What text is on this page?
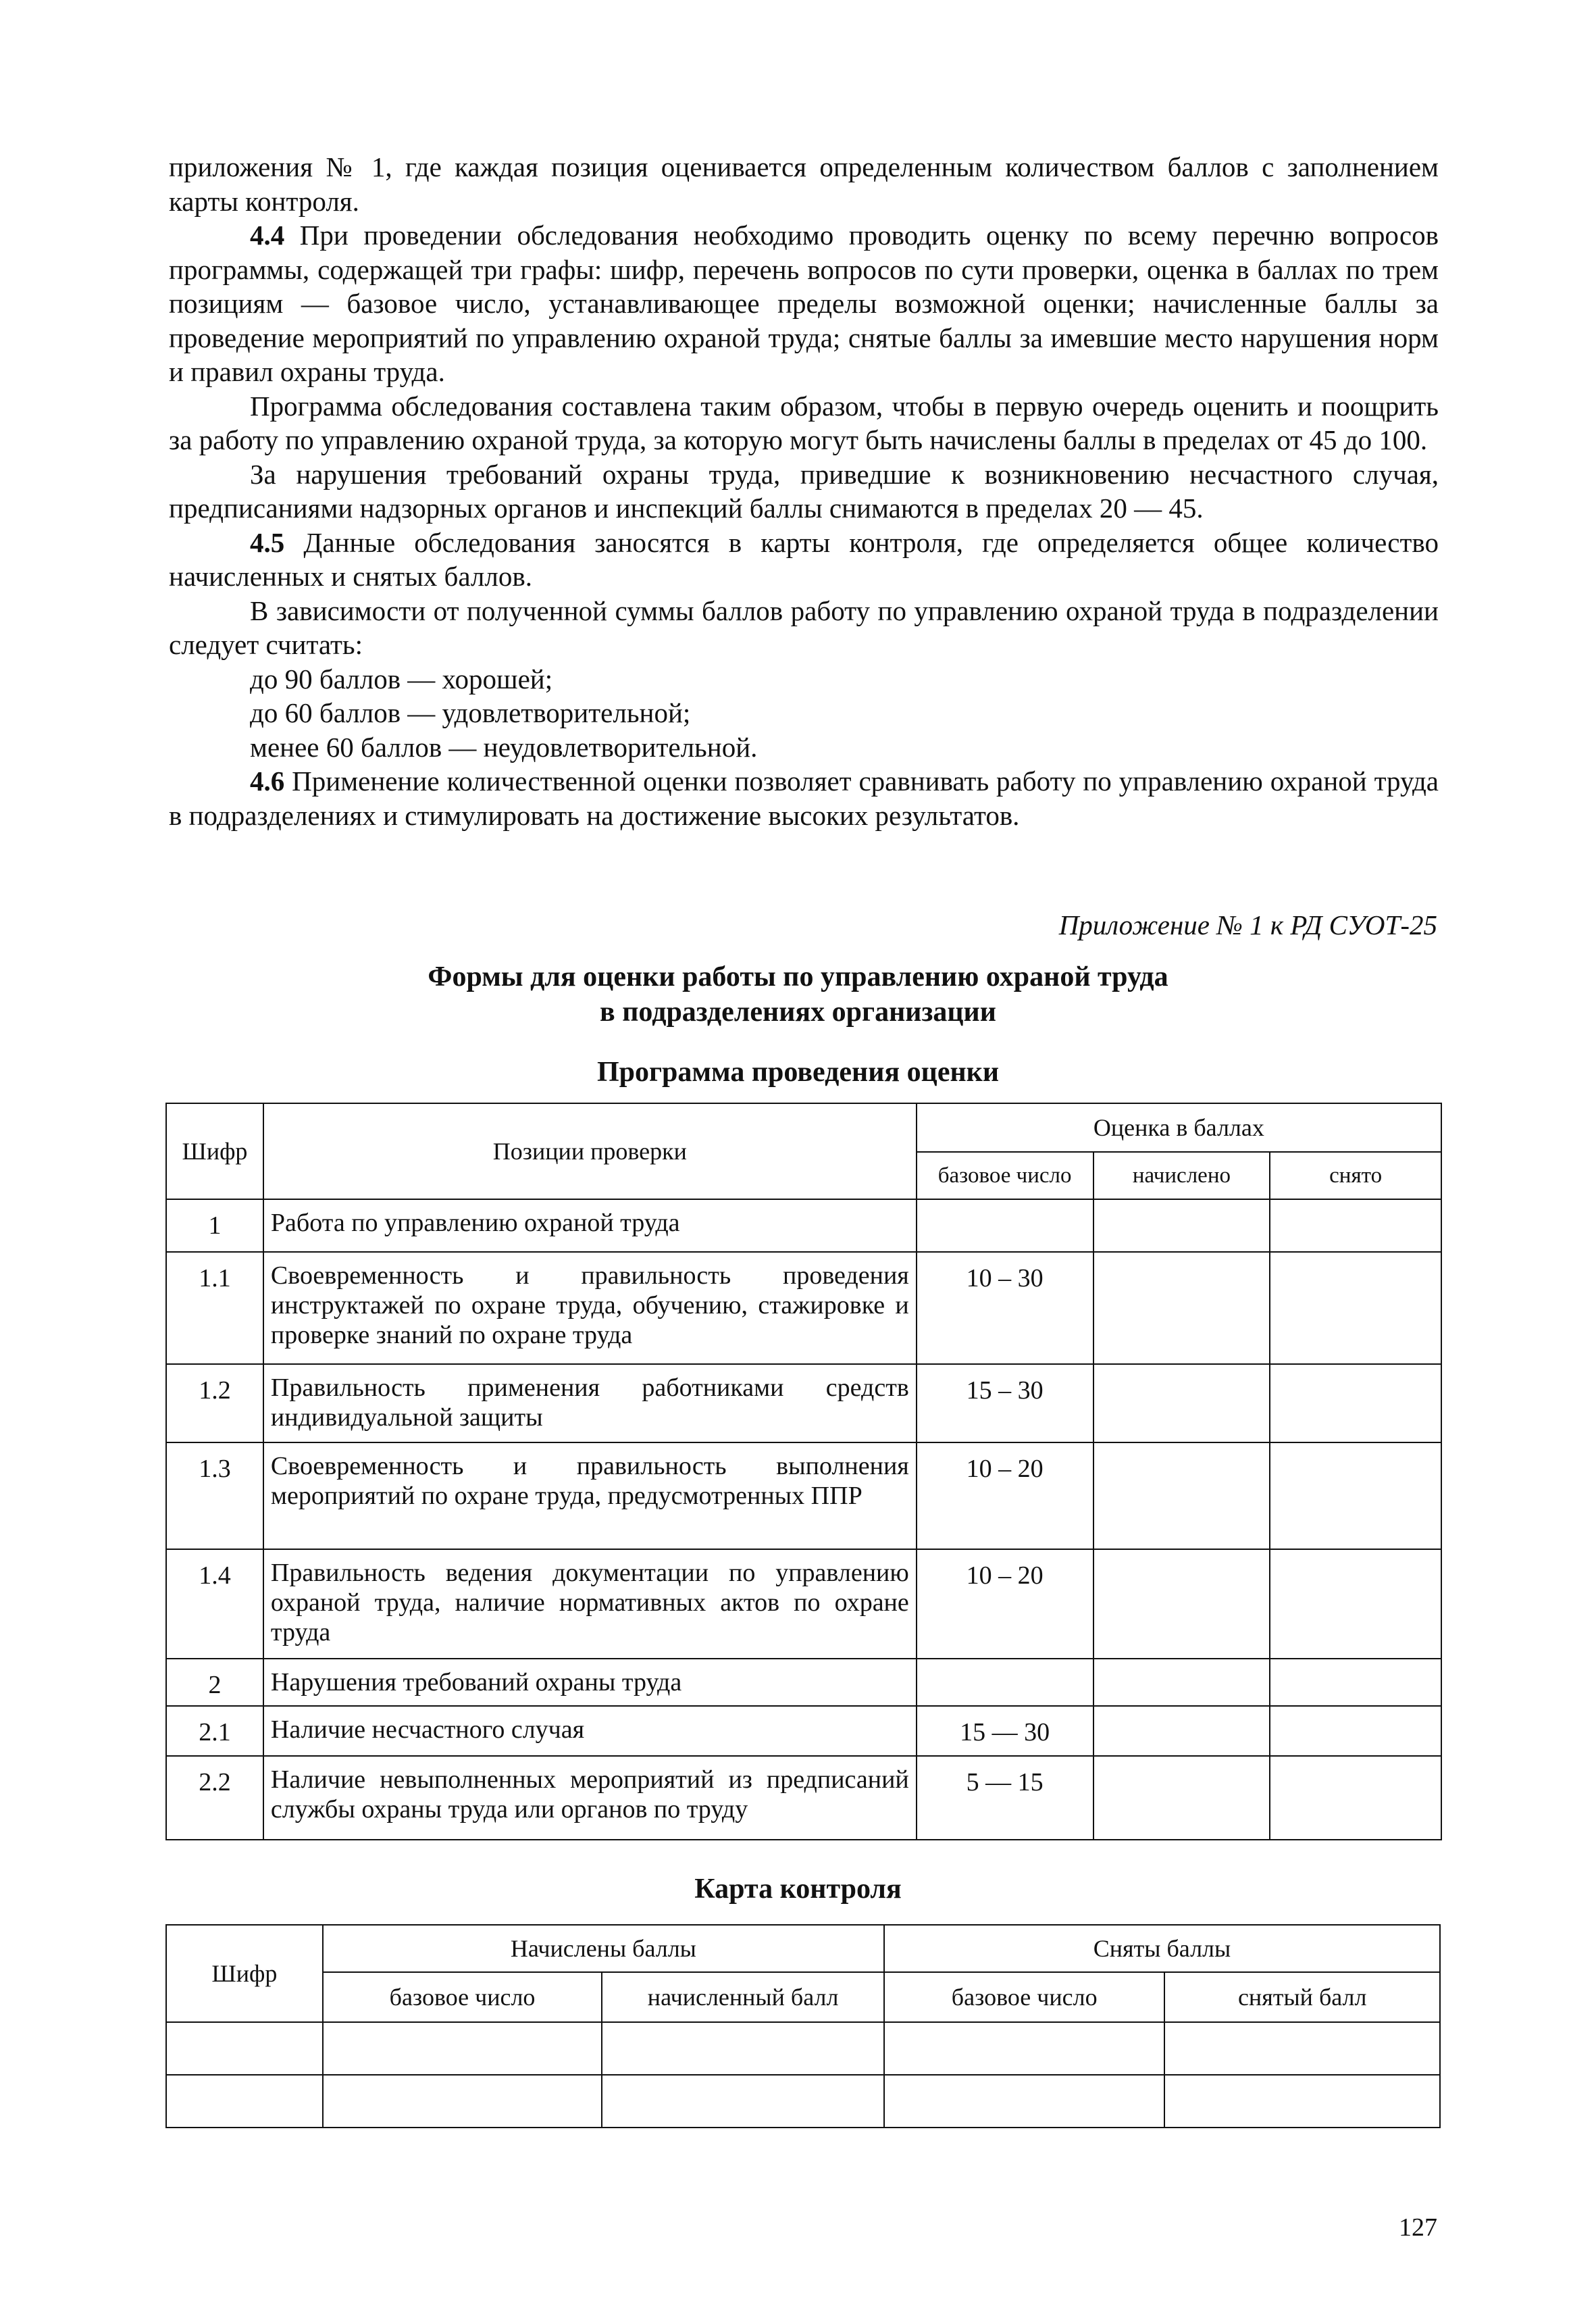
приложения № 1, где каждая позиция оценивается определенным количеством баллов с заполнением карты контроля.

4.4 При проведении обследования необходимо проводить оценку по всему перечню вопросов программы, содержащей три графы: шифр, перечень вопросов по сути проверки, оценка в баллах по трем позициям — базовое число, устанавливающее пределы возможной оценки; начисленные баллы за проведение мероприятий по управлению охраной труда; снятые баллы за имевшие место нарушения норм и правил охраны труда.

Программа обследования составлена таким образом, чтобы в первую очередь оценить и поощрить за работу по управлению охраной труда, за которую могут быть начислены баллы в пределах от 45 до 100.

За нарушения требований охраны труда, приведшие к возникновению несчастного случая, предписаниями надзорных органов и инспекций баллы снимаются в пределах 20 — 45.

4.5 Данные обследования заносятся в карты контроля, где определяется общее количество начисленных и снятых баллов.

В зависимости от полученной суммы баллов работу по управлению охраной труда в подразделении следует считать:

до 90 баллов — хорошей;

до 60 баллов — удовлетворительной;

менее 60 баллов — неудовлетворительной.

4.6 Применение количественной оценки позволяет сравнивать работу по управлению охраной труда в подразделениях и стимулировать на достижение высоких результатов.

Приложение № 1 к РД СУОТ-25
Формы для оценки работы по управлению охраной труда
в подразделениях организации
Программа проведения оценки
Шифр	Позиции проверки	Оценка в баллах		
		базовое число	начислено	снято
1	Работа по управлению охраной труда			
1.1	Своевременность и правильность проведения инструктажей по охране труда, обучению, стажировке и проверке знаний по охране труда	10 – 30		
1.2	Правильность применения работниками средств индивидуальной защиты	15 – 30		
1.3	Своевременность и правильность выполнения мероприятий по охране труда, предусмотренных ППР	10 – 20		
1.4	Правильность ведения документации по управлению охраной труда, наличие нормативных актов по охране труда	10 – 20		
2	Нарушения требований охраны труда			
2.1	Наличие несчастного случая	15 — 30		
2.2	Наличие невыполненных мероприятий из предписаний службы охраны труда или органов по труду	5 — 15		
Карта контроля
Шифр	Начислены баллы		Сняты баллы	
	базовое число	начисленный балл	базовое число	снятый балл

127
